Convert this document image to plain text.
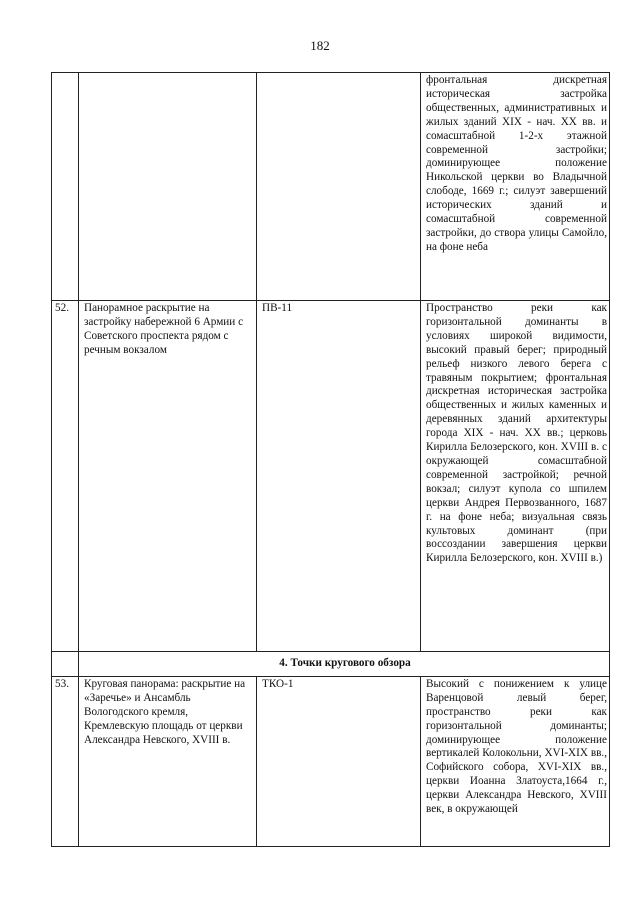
182
			фронтальная дискретная историческая застройка общественных, административных и жилых зданий XIX - нач. XX вв. и сомасштабной 1-2-х этажной современной застройки; доминирующее положение Никольской церкви во Владычной слободе, 1669 г.; силуэт завершений исторических зданий и сомасштабной современной застройки, до створа улицы Самойло, на фоне неба
52.	Панорамное раскрытие на застройку набережной 6 Армии с Советского проспекта рядом с речным вокзалом	ПВ-11	Пространство реки как горизонтальной доминанты в условиях широкой видимости, высокий правый берег; природный рельеф низкого левого берега с травяным покрытием; фронтальная дискретная историческая застройка общественных и жилых каменных и деревянных зданий архитектуры города XIX - нач. XX вв.; церковь Кирилла Белозерского, кон. XVIII в. с окружающей сомасштабной современной застройкой; речной вокзал; силуэт купола со шпилем церкви Андрея Первозванного, 1687 г. на фоне неба; визуальная связь культовых доминант (при воссоздании завершения церкви Кирилла Белозерского, кон. XVIII в.)
	4. Точки кругового обзора		
53.	Круговая панорама: раскрытие на «Заречье» и Ансамбль Вологодского кремля, Кремлевскую площадь от церкви Александра Невского, XVIII в.	ТКО-1	Высокий с понижением к улице Варенцовой левый берег, пространство реки как горизонтальной доминанты; доминирующее положение вертикалей Колокольни, XVI-XIX вв., Софийского собора, XVI-XIX вв., церкви Иоанна Златоуста,1664 г., церкви Александра Невского, XVIII век, в окружающей
